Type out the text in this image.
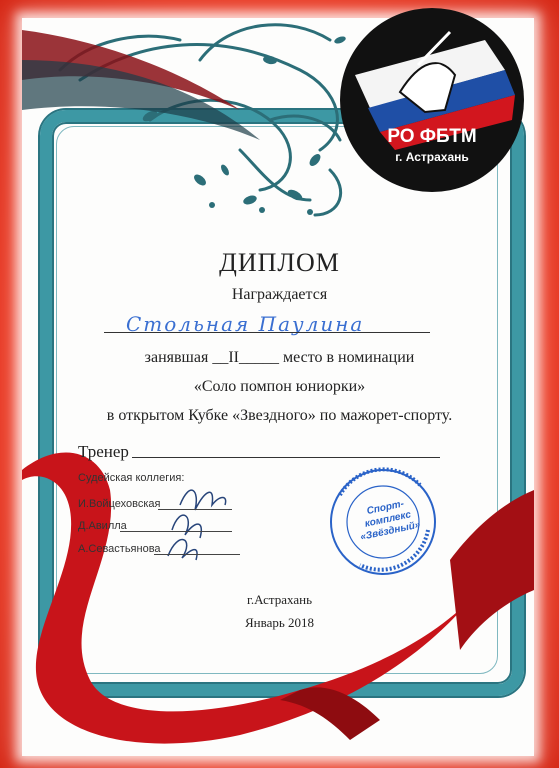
РО ФБТМ
г. Астрахань
ДИПЛОМ
Награждается
Стольная Паулина
занявшая __II_____ место в номинации
«Соло помпон юниорки»
в открытом Кубке «Звездного» по мажорет-спорту.
Тренер
Судейская коллегия:
И.Войцеховская
Д.Авилла
А.Севастьянова
Спорт-
комплекс
«Звёздный»
г.Астрахань
Январь 2018
